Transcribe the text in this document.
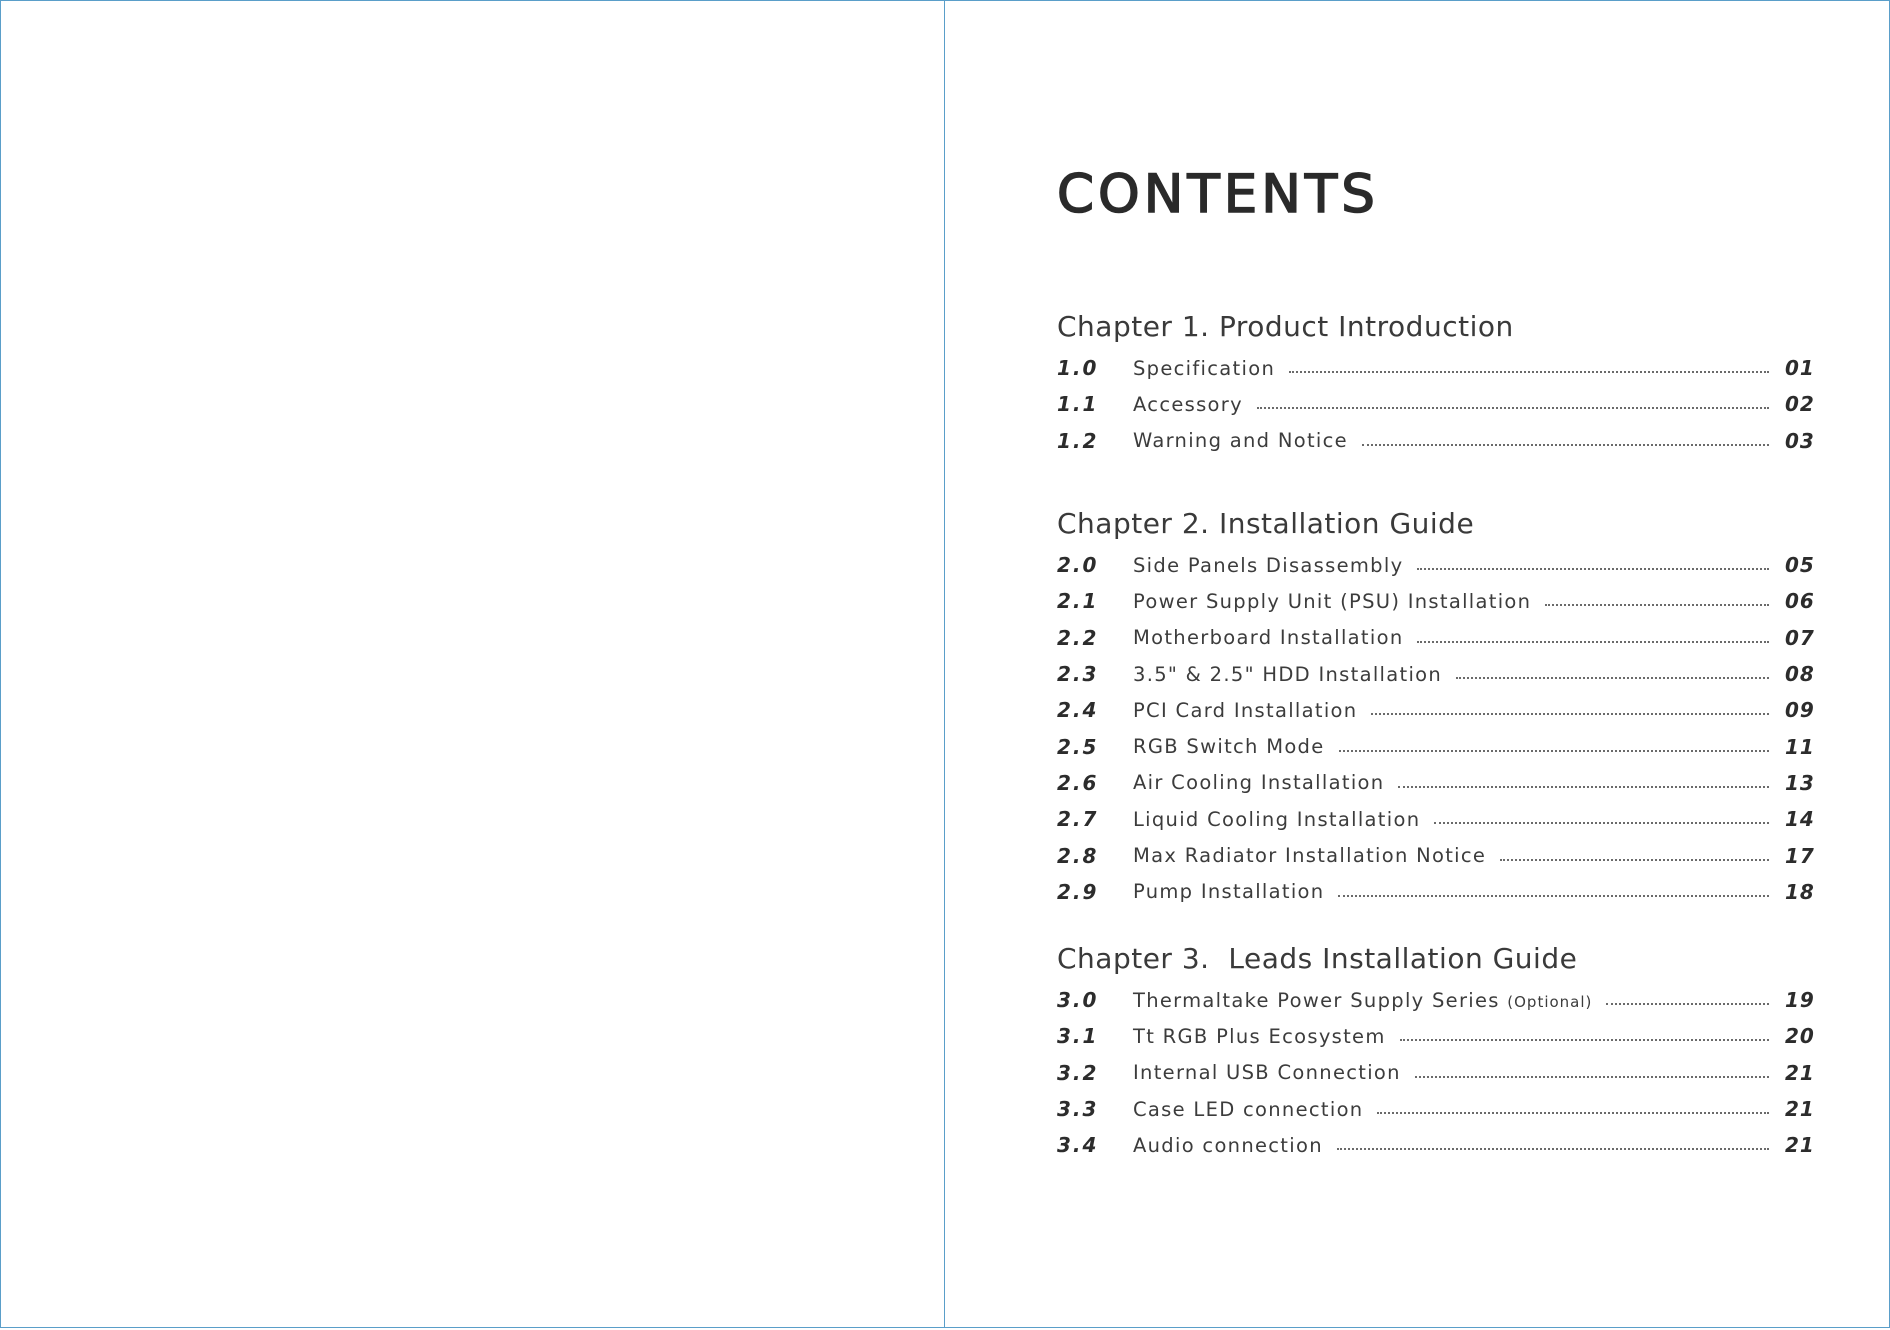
CONTENTS
Chapter 1. Product Introduction
1.0	Specification	01
1.1	Accessory	02
1.2	Warning and Notice	03
Chapter 2. Installation Guide
2.0	Side Panels Disassembly	05
2.1	Power Supply Unit (PSU) Installation	06
2.2	Motherboard Installation	07
2.3	3.5" & 2.5" HDD Installation	08
2.4	PCI Card Installation	09
2.5	RGB Switch Mode	11
2.6	Air Cooling Installation	13
2.7	Liquid Cooling Installation	14
2.8	Max Radiator Installation Notice	17
2.9	Pump Installation	18
Chapter 3.  Leads Installation Guide
3.0	Thermaltake Power Supply Series (Optional)	19
3.1	Tt RGB Plus Ecosystem	20
3.2	Internal USB Connection	21
3.3	Case LED connection	21
3.4	Audio connection	21
